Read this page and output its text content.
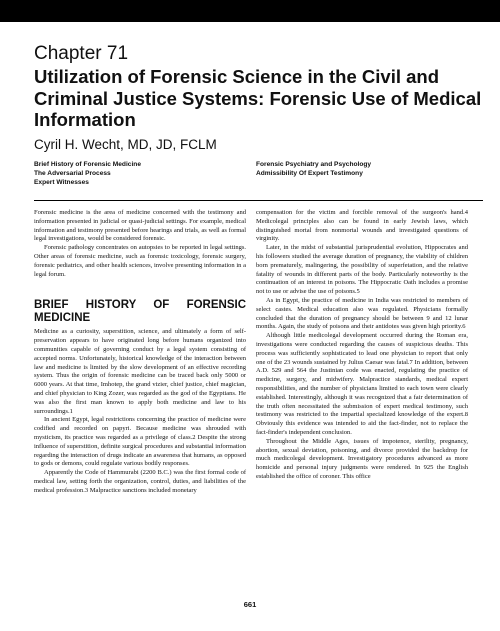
Chapter 71
Utilization of Forensic Science in the Civil and Criminal Justice Systems: Forensic Use of Medical Information
Cyril H. Wecht, MD, JD, FCLM
Brief History of Forensic Medicine
The Adversarial Process
Expert Witnesses
Forensic Psychiatry and Psychology
Admissibility Of Expert Testimony

Forensic medicine is the area of medicine concerned with the testimony and information presented in judicial or quasi-judicial settings. For example, medical information and testimony presented before hearings and trials, as well as formal legal investigations, would be considered forensic.

Forensic pathology concentrates on autopsies to be reported in legal settings. Other areas of forensic medicine, such as forensic toxicology, forensic surgery, forensic pediatrics, and other health sciences, involve presenting information in a legal forum.

BRIEF HISTORY OF FORENSIC MEDICINE

Medicine as a curiosity, superstition, science, and ultimately a form of self-preservation appears to have originated long before humans organized into communities capable of governing conduct by a legal system consisting of accepted norms. Unfortunately, historical knowledge of the interaction between law and medicine is limited by the slow development of an effective recording system. Thus the origin of forensic medicine can be traced back only 5000 or 6000 years. At that time, Imhotep, the grand vizier, chief justice, chief magician, and chief physician to King Zozer, was regarded as the god of the Egyptians. He was also the first man known to apply both medicine and law to his surroundings.1

In ancient Egypt, legal restrictions concerning the practice of medicine were codified and recorded on papyri. Because medicine was shrouded with mysticism, its practice was regarded as a privilege of class.2 Despite the strong influence of superstition, definite surgical procedures and substantial information regarding the interaction of drugs indicate an awareness that humans, as opposed to gods or demons, could regulate various bodily responses.

Apparently the Code of Hammurabi (2200 B.C.) was the first formal code of medical law, setting forth the organization, control, duties, and liabilities of the medical profession.3 Malpractice sanctions included monetary

compensation for the victim and forcible removal of the surgeon's hand.4 Medicolegal principles also can be found in early Jewish laws, which distinguished mortal from nonmortal wounds and investigated questions of virginity.

Later, in the midst of substantial jurisprudential evolution, Hippocrates and his followers studied the average duration of pregnancy, the viability of children born prematurely, malingering, the possibility of superfetation, and the relative fatality of wounds in different parts of the body. Particularly noteworthy is the continuation of an interest in poisons. The Hippocratic Oath includes a promise not to use or advise the use of poisons.5

As in Egypt, the practice of medicine in India was restricted to members of select castes. Medical education also was regulated. Physicians formally concluded that the duration of pregnancy should be between 9 and 12 lunar months. Again, the study of poisons and their antidotes was given high priority.6

Although little medicolegal development occurred during the Roman era, investigations were conducted regarding the causes of suspicious deaths. This process was sufficiently sophisticated to lead one physician to report that only one of the 23 wounds sustained by Julius Caesar was fatal.7 In addition, between A.D. 529 and 564 the Justinian code was enacted, regulating the practice of medicine, surgery, and midwifery. Malpractice standards, medical expert responsibilities, and the number of physicians limited to each town were clearly established. Interestingly, although it was recognized that a fair determination of the truth often necessitated the submission of expert medical testimony, such testimony was restricted to the impartial specialized knowledge of the expert.8 Obviously this evidence was intended to aid the fact-finder, not to replace the fact-finder's independent conclusion.

Throughout the Middle Ages, issues of impotence, sterility, pregnancy, abortion, sexual deviation, poisoning, and divorce provided the backdrop for much medicolegal development. Investigatory procedures advanced as more homicide and personal injury judgments were rendered. In 925 the English established the office of coroner. This office

661
